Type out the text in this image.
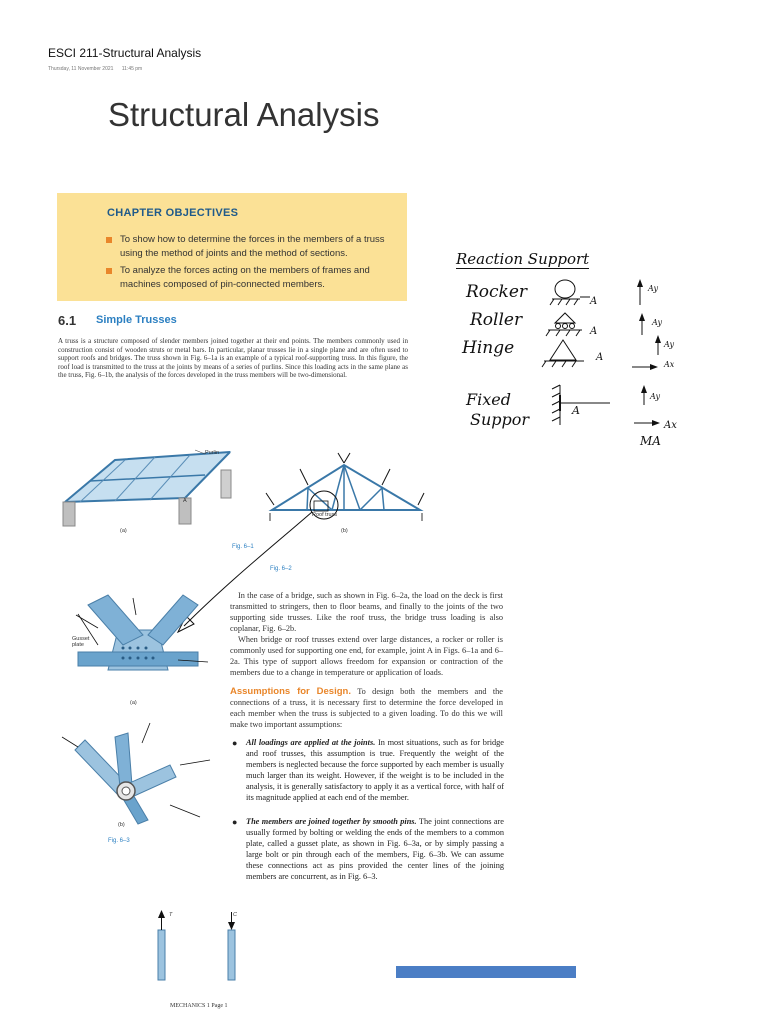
ESCI 211-Structural Analysis
Thursday, 11 November 2021 11:45 pm
Structural Analysis
CHAPTER OBJECTIVES
To show how to determine the forces in the members of a truss using the method of joints and the method of sections.
To analyze the forces acting on the members of frames and machines composed of pin-connected members.
6.1 Simple Trusses
A truss is a structure composed of slender members joined together at their end points. The members commonly used in construction consist of wooden struts or metal bars. In particular, planar trusses lie in a single plane and are often used to support roofs and bridges. The truss shown in Fig. 6–1a is an example of a typical roof-supporting truss. In this figure, the roof load is transmitted to the truss at the joints by means of a series of purlins. Since this loading acts in the same plane as the truss, Fig. 6–1b, the analysis of the forces developed in the truss members will be two-dimensional.
Purlin
A
(a)
Roof truss
(b)
Fig. 6–1
Fig. 6–2

In the case of a bridge, such as shown in Fig. 6–2a, the load on the deck is first transmitted to stringers, then to floor beams, and finally to the joints of the two supporting side trusses. Like the roof truss, the bridge truss loading is also coplanar, Fig. 6–2b.

When bridge or roof trusses extend over large distances, a rocker or roller is commonly used for supporting one end, for example, joint A in Figs. 6–1a and 6–2a. This type of support allows freedom for expansion or contraction of the members due to a change in temperature or application of loads.

Assumptions for Design. To design both the members and the connections of a truss, it is necessary first to determine the force developed in each member when the truss is subjected to a given loading. To do this we will make two important assumptions:
● All loadings are applied at the joints. In most situations, such as for bridge and roof trusses, this assumption is true. Frequently the weight of the members is neglected because the force supported by each member is usually much larger than its weight. However, if the weight is to be included in the analysis, it is generally satisfactory to apply it as a vertical force, with half of its magnitude applied at each end of the member.
● The members are joined together by smooth pins. The joint connections are usually formed by bolting or welding the ends of the members to a common plate, called a gusset plate, as shown in Fig. 6–3a, or by simply passing a large bolt or pin through each of the members, Fig. 6–3b. We can assume these connections act as pins provided the center lines of the joining members are concurrent, as in Fig. 6–3.
Gusset plate
(a)
(b)
Fig. 6–3
T	C
MECHANICS 1 Page 1
Reaction Support
Rocker
Roller
Hinge
Fixed
Suppor
A
A
A
A
Ay
Ay
Ay
Ax
Ay
Ax
MA
